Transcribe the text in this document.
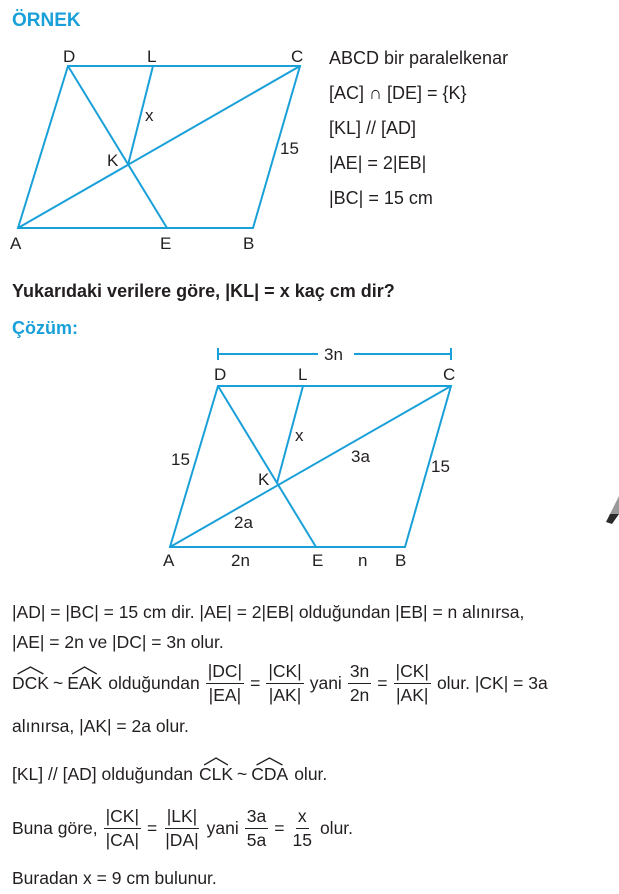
ÖRNEK
D	L	C
A	E	B
K
x
15
ABCD bir paralelkenar
[AC] ∩ [DE] = {K}
[KL] // [AD]
|AE| = 2|EB|
|BC| = 15 cm
Yukarıdaki verilere göre, |KL| = x kaç cm dir?
Çözüm:
3n
D	L	C
A	E	B
K
x
15	15
3a
2a
2n	n
|AD| = |BC| = 15 cm dir. |AE| = 2|EB| olduğundan |EB| = n alınırsa,
|AE| = 2n ve |DC| = 3n olur.
DCK ~ EAK olduğundan $\frac{|DC|}{|EA|} = \frac{|CK|}{|AK|}$ yani $\frac{3n}{2n} = \frac{|CK|}{|AK|}$ olur. |CK| = 3a
alınırsa, |AK| = 2a olur.
[KL] // [AD] olduğundan CLK ~ CDA olur.
Buna göre, $\frac{|CK|}{|CA|} = \frac{|LK|}{|DA|}$ yani $\frac{3a}{5a} = \frac{x}{15}$ olur.
Buradan x = 9 cm bulunur.
